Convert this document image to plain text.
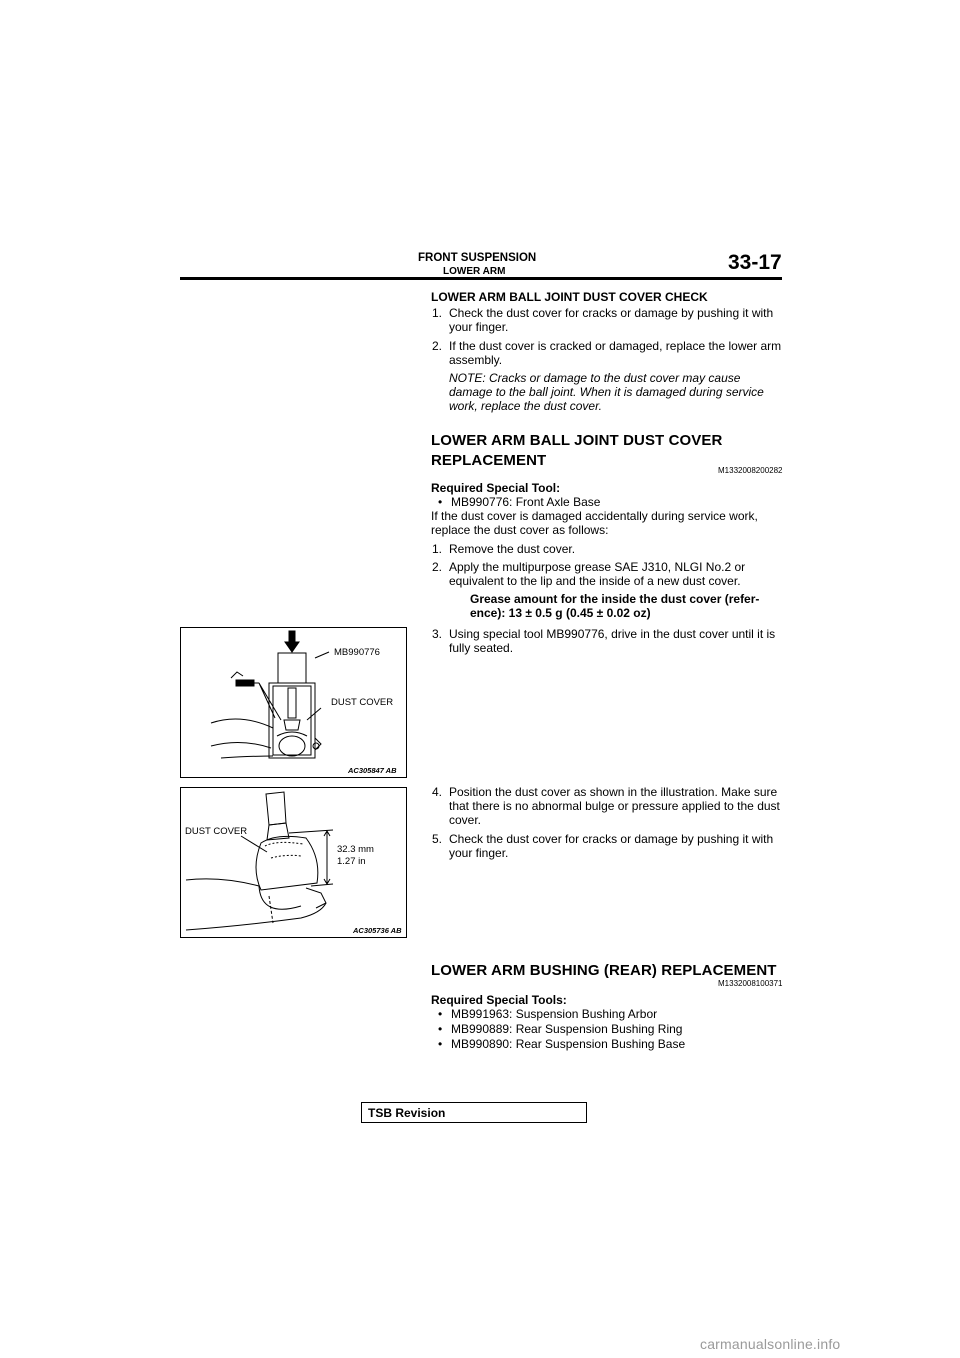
FRONT SUSPENSION
LOWER ARM	33-17
LOWER ARM BALL JOINT DUST COVER CHECK
1. Check the dust cover for cracks or damage by pushing it with your finger.
2. If the dust cover is cracked or damaged, replace the lower arm assembly.
NOTE: Cracks or damage to the dust cover may cause damage to the ball joint. When it is damaged during service work, replace the dust cover.
LOWER ARM BALL JOINT DUST COVER
REPLACEMENT
M1332008200282
Required Special Tool:
• MB990776: Front Axle Base
If the dust cover is damaged accidentally during service work, replace the dust cover as follows:
1. Remove the dust cover.
2. Apply the multipurpose grease SAE J310, NLGI No.2 or equivalent to the lip and the inside of a new dust cover.
Grease amount for the inside the dust cover (refer-
ence): 13 ± 0.5 g (0.45 ± 0.02 oz)
3. Using special tool MB990776, drive in the dust cover until it is fully seated.
4. Position the dust cover as shown in the illustration. Make sure that there is no abnormal bulge or pressure applied to the dust cover.
5. Check the dust cover for cracks or damage by pushing it with your finger.
MB990776
DUST COVER
AC305847 AB
DUST COVER
32.3 mm
1.27 in
AC305736 AB
LOWER ARM BUSHING (REAR) REPLACEMENT
M1332008100371
Required Special Tools:
• MB991963: Suspension Bushing Arbor
• MB990889: Rear Suspension Bushing Ring
• MB990890: Rear Suspension Bushing Base
TSB Revision
carmanualsonline.info
